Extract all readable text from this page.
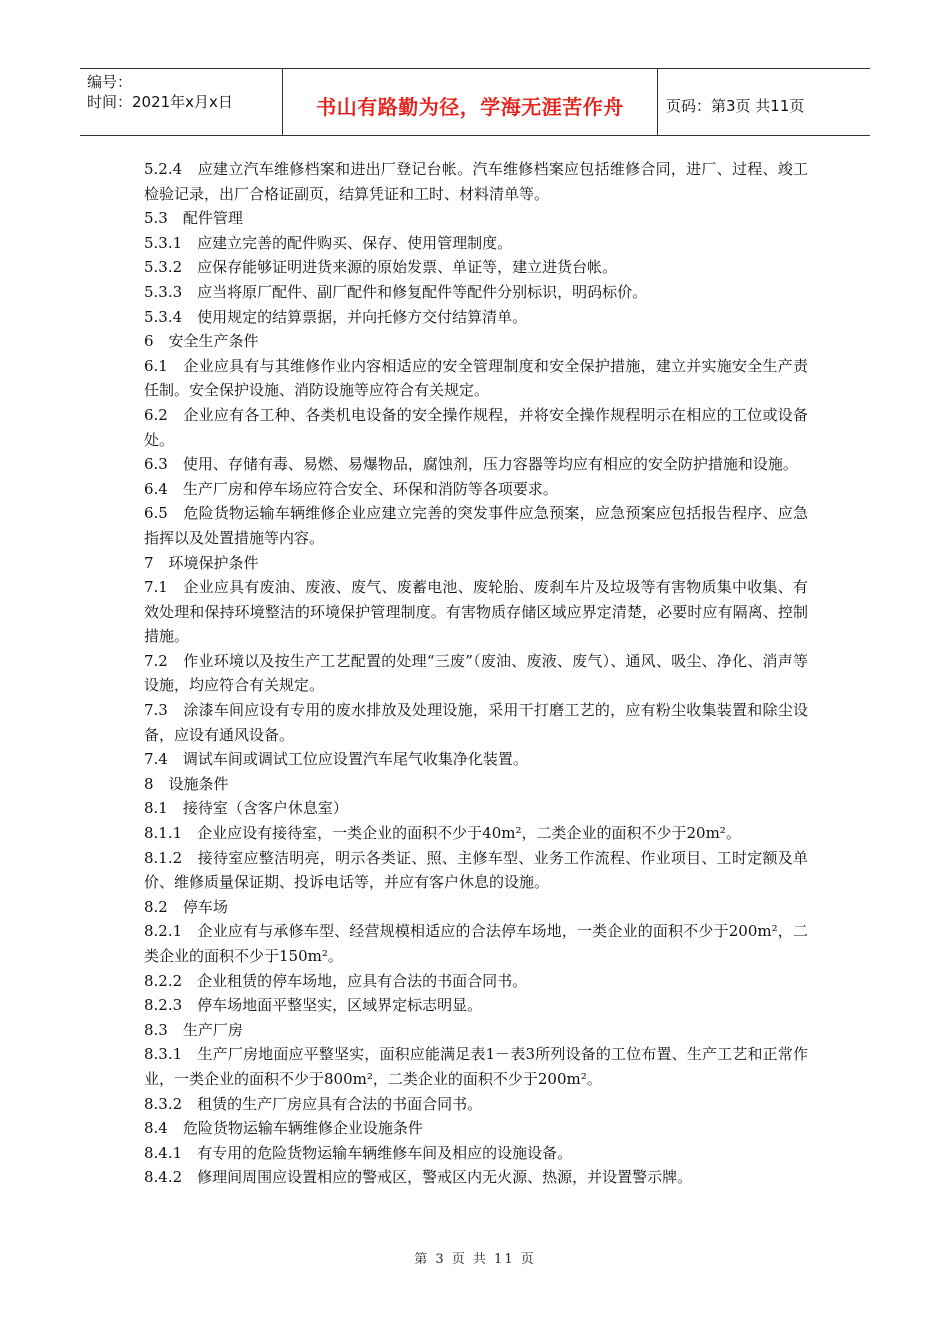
编号：
时间：2021年x月x日	书山有路勤为径，学海无涯苦作舟	页码：第3页 共11页

5.2.4　应建立汽车维修档案和进出厂登记台帐。汽车维修档案应包括维修合同，进厂、过程、竣工检验记录，出厂合格证副页，结算凭证和工时、材料清单等。

5.3　配件管理

5.3.1　应建立完善的配件购买、保存、使用管理制度。

5.3.2　应保存能够证明进货来源的原始发票、单证等，建立进货台帐。

5.3.3　应当将原厂配件、副厂配件和修复配件等配件分别标识，明码标价。

5.3.4　使用规定的结算票据，并向托修方交付结算清单。

6　安全生产条件

6.1　企业应具有与其维修作业内容相适应的安全管理制度和安全保护措施，建立并实施安全生产责任制。安全保护设施、消防设施等应符合有关规定。

6.2　企业应有各工种、各类机电设备的安全操作规程，并将安全操作规程明示在相应的工位或设备处。

6.3　使用、存储有毒、易燃、易爆物品，腐蚀剂，压力容器等均应有相应的安全防护措施和设施。

6.4　生产厂房和停车场应符合安全、环保和消防等各项要求。

6.5　危险货物运输车辆维修企业应建立完善的突发事件应急预案，应急预案应包括报告程序、应急指挥以及处置措施等内容。

7　环境保护条件

7.1　企业应具有废油、废液、废气、废蓄电池、废轮胎、废刹车片及垃圾等有害物质集中收集、有效处理和保持环境整洁的环境保护管理制度。有害物质存储区域应界定清楚，必要时应有隔离、控制措施。

7.2　作业环境以及按生产工艺配置的处理“三废”（废油、废液、废气）、通风、吸尘、净化、消声等设施，均应符合有关规定。

7.3　涂漆车间应设有专用的废水排放及处理设施，采用干打磨工艺的，应有粉尘收集装置和除尘设备，应设有通风设备。

7.4　调试车间或调试工位应设置汽车尾气收集净化装置。

8　设施条件

8.1　接待室（含客户休息室）

8.1.1　企业应设有接待室，一类企业的面积不少于40m²，二类企业的面积不少于20m²。

8.1.2　接待室应整洁明亮，明示各类证、照、主修车型、业务工作流程、作业项目、工时定额及单价、维修质量保证期、投诉电话等，并应有客户休息的设施。

8.2　停车场

8.2.1　企业应有与承修车型、经营规模相适应的合法停车场地，一类企业的面积不少于200m²，二类企业的面积不少于150m²。

8.2.2　企业租赁的停车场地，应具有合法的书面合同书。

8.2.3　停车场地面平整坚实，区域界定标志明显。

8.3　生产厂房

8.3.1　生产厂房地面应平整坚实，面积应能满足表1－表3所列设备的工位布置、生产工艺和正常作业，一类企业的面积不少于800m²，二类企业的面积不少于200m²。

8.3.2　租赁的生产厂房应具有合法的书面合同书。

8.4　危险货物运输车辆维修企业设施条件

8.4.1　有专用的危险货物运输车辆维修车间及相应的设施设备。

8.4.2　修理间周围应设置相应的警戒区，警戒区内无火源、热源，并设置警示牌。

第 3 页 共 11 页
